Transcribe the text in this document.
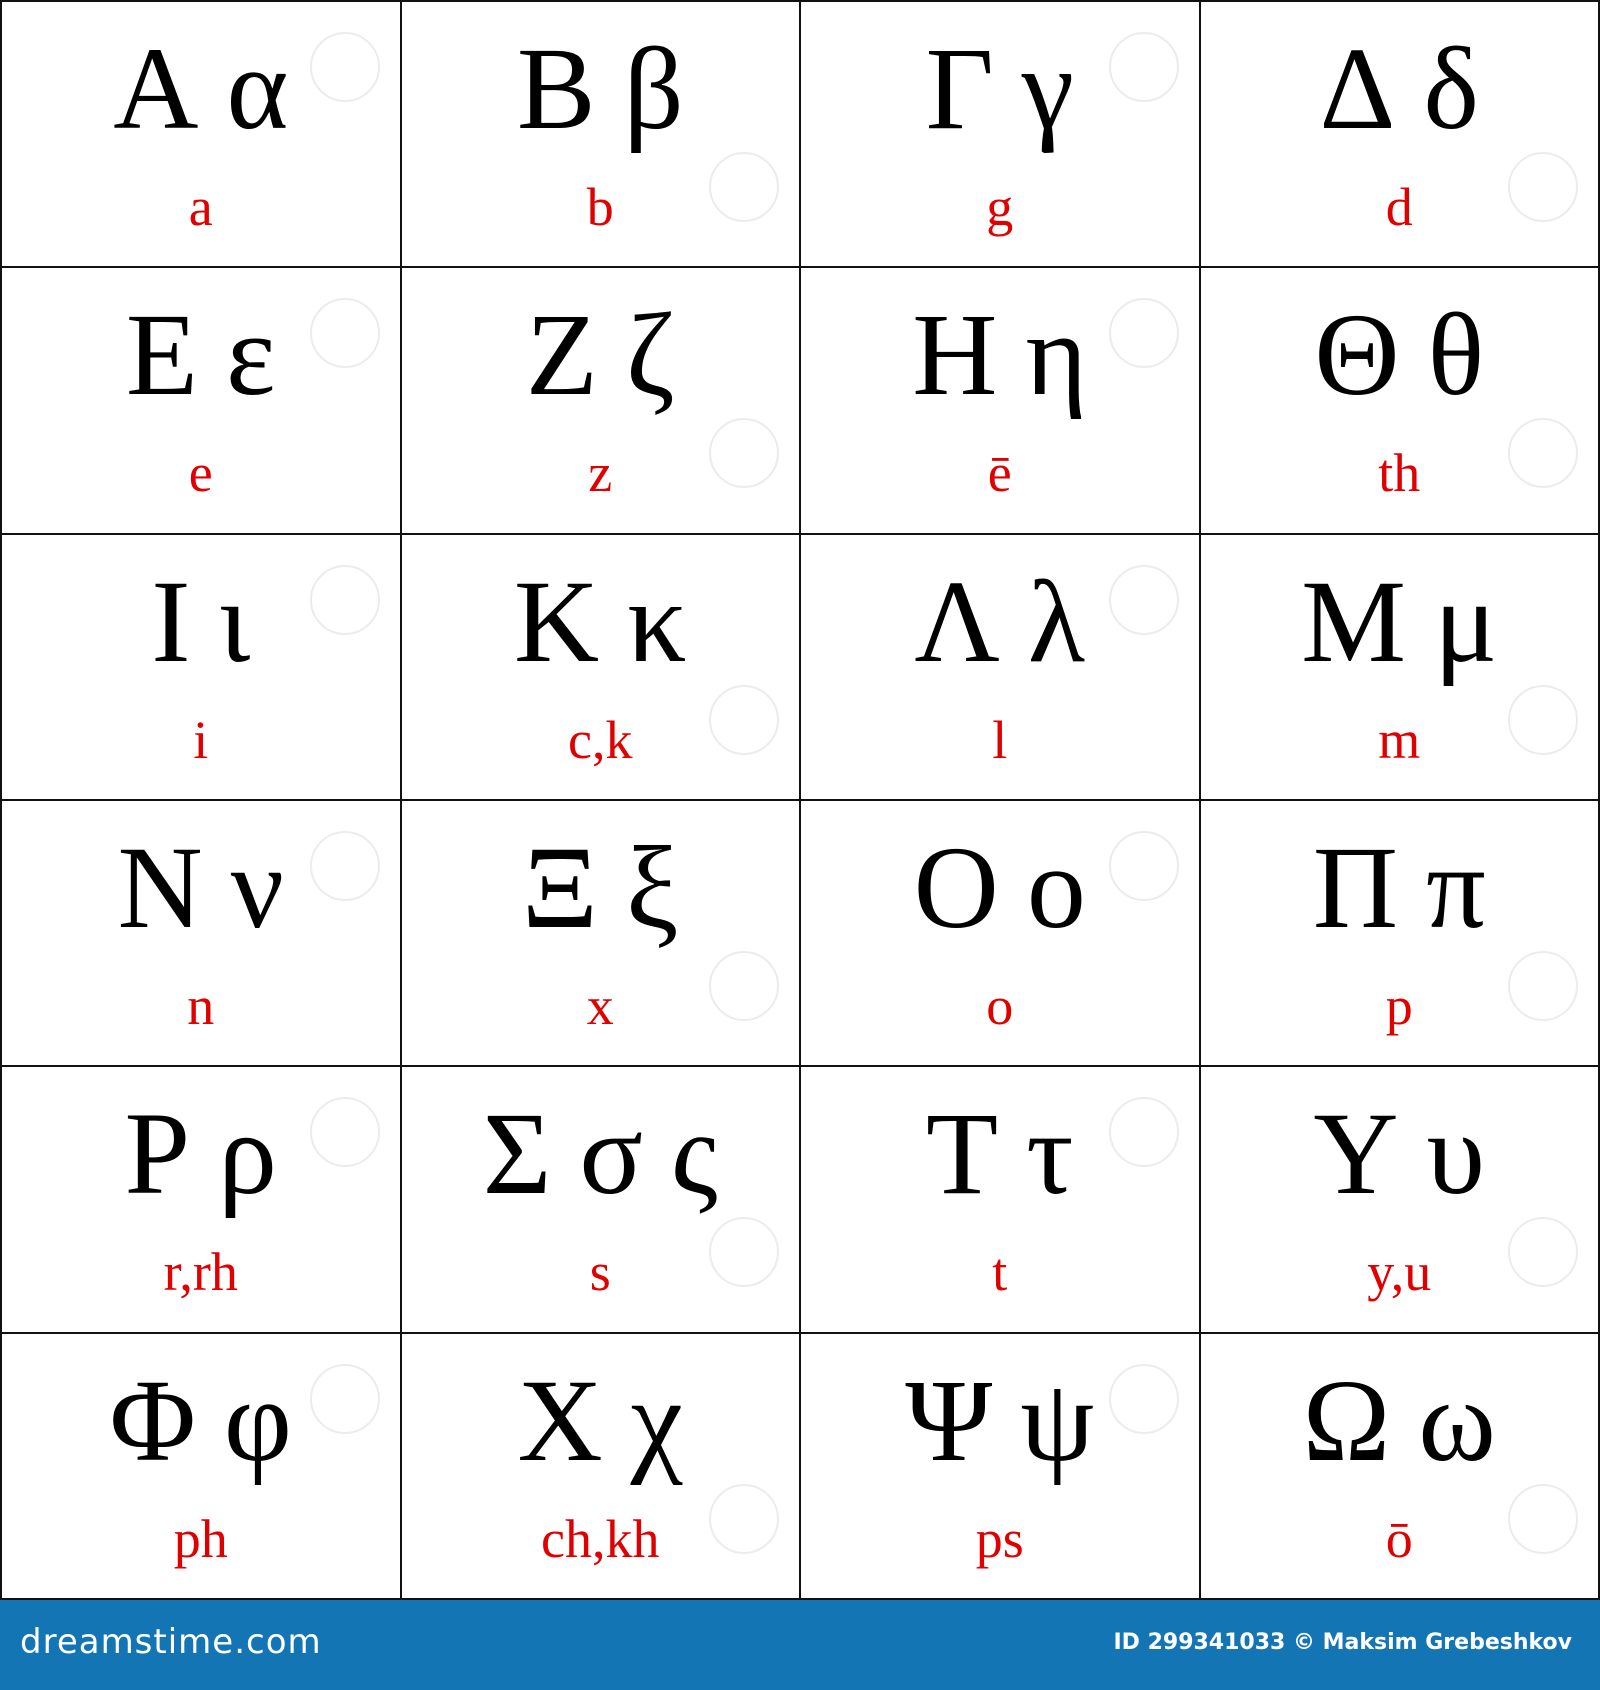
Α α
a
Β β
b
Γ γ
g
Δ δ
d
Ε ε
e
Ζ ζ
z
Η η
ē
Θ θ
th
Ι ι
i
Κ κ
c,k
Λ λ
l
Μ μ
m
Ν ν
n
Ξ ξ
x
Ο ο
o
Π π
p
Ρ ρ
r,rh
Σ σ ς
s
Τ τ
t
Υ υ
y,u
Φ φ
ph
Χ χ
ch,kh
Ψ ψ
ps
Ω ω
ō
dreamstime.com	ID 299341033 © Maksim Grebeshkov
